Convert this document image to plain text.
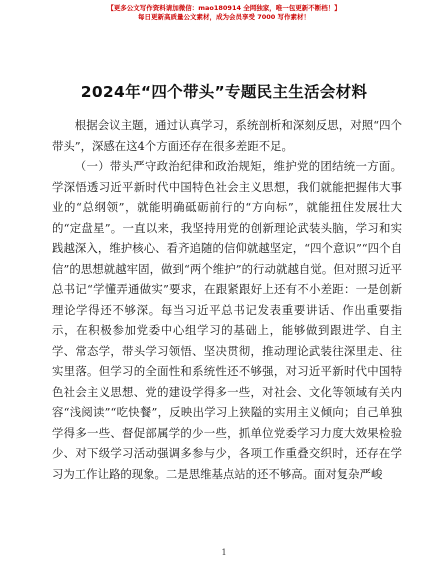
【更多公文写作资料请加微信：mao180914 全网独家，唯一包更新不断档！】
每日更新高质量公文素材，成为会员享受 7000 写作素材！
2024年“四个带头”专题民主生活会材料

根据会议主题，通过认真学习，系统剖析和深刻反思，对照“四个带头”，深感在这4个方面还存在很多差距不足。

（一）带头严守政治纪律和政治规矩，维护党的团结统一方面。学深悟透习近平新时代中国特色社会主义思想，我们就能把握伟大事业的“总纲领”，就能明确砥砺前行的“方向标”，就能扭住发展壮大的“定盘星”。一直以来，我坚持用党的创新理论武装头脑，学习和实践越深入，维护核心、看齐追随的信仰就越坚定，“四个意识”“四个自信”的思想就越牢固，做到“两个维护”的行动就越自觉。但对照习近平总书记“学懂弄通做实”要求，在跟紧跟好上还有不小差距：一是创新理论学得还不够深。每当习近平总书记发表重要讲话、作出重要指示，在积极参加党委中心组学习的基础上，能够做到跟进学、自主学、常态学，带头学习领悟、坚决贯彻，推动理论武装往深里走、往实里落。但学习的全面性和系统性还不够强，对习近平新时代中国特色社会主义思想、党的建设学得多一些，对社会、文化等领域有关内容“浅阅读”“吃快餐”，反映出学习上狭隘的实用主义倾向；自己单独学得多一些、督促部属学的少一些，抓单位党委学习力度大效果检验少、对下级学习活动强调多参与少，各项工作重叠交织时，还存在学习为工作让路的现象。二是思维基点站的还不够高。面对复杂严峻

1
